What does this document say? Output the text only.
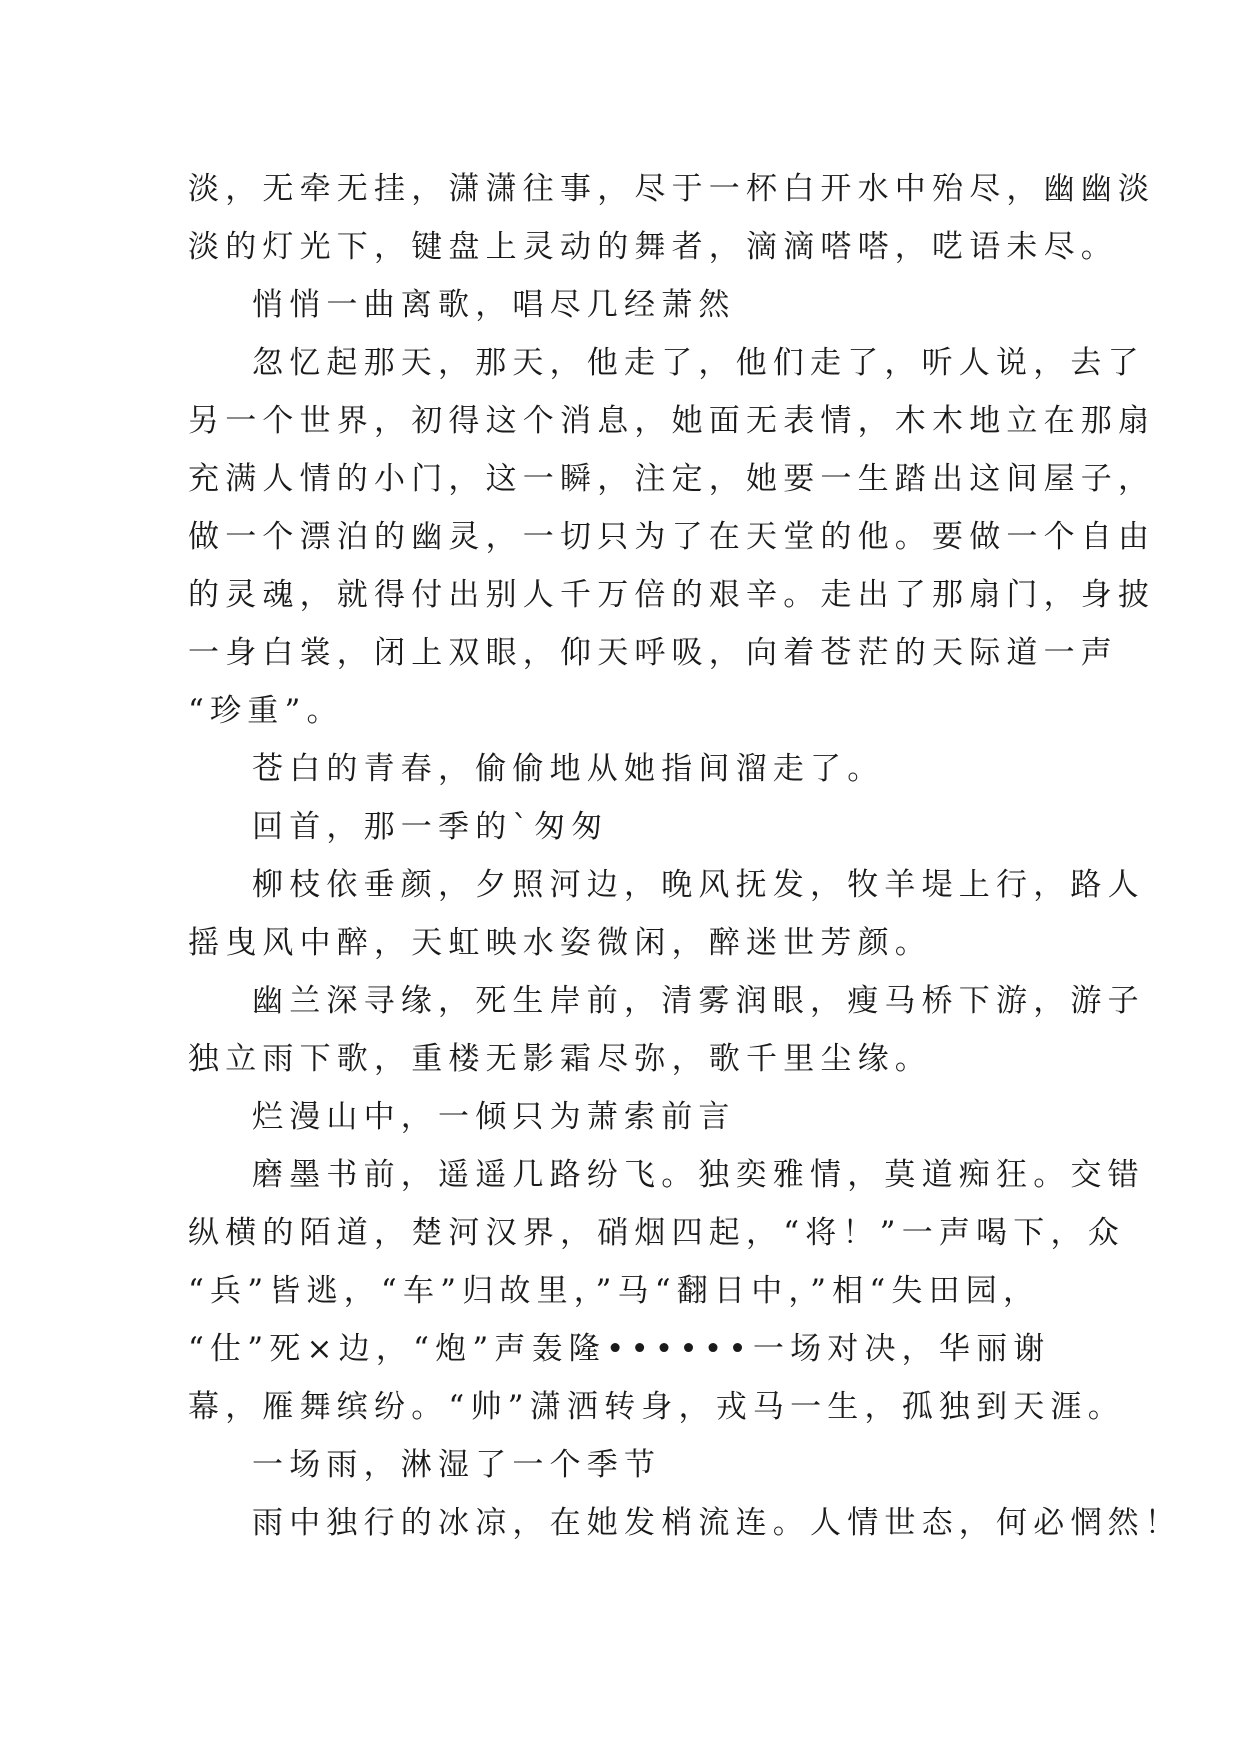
淡，无牵无挂，潇潇往事，尽于一杯白开水中殆尽，幽幽淡
淡的灯光下，键盘上灵动的舞者，滴滴嗒嗒，呓语未尽。
悄悄一曲离歌，唱尽几经萧然
忽忆起那天，那天，他走了，他们走了，听人说，去了
另一个世界，初得这个消息，她面无表情，木木地立在那扇
充满人情的小门，这一瞬，注定，她要一生踏出这间屋子，
做一个漂泊的幽灵，一切只为了在天堂的他。要做一个自由
的灵魂，就得付出别人千万倍的艰辛。走出了那扇门，身披
一身白裳，闭上双眼，仰天呼吸，向着苍茫的天际道一声
“珍重”。
苍白的青春，偷偷地从她指间溜走了。
回首，那一季的`匆匆
柳枝依垂颜，夕照河边，晚风抚发，牧羊堤上行，路人
摇曳风中醉，天虹映水姿微闲，醉迷世芳颜。
幽兰深寻缘，死生岸前，清雾润眼，瘦马桥下游，游子
独立雨下歌，重楼无影霜尽弥，歌千里尘缘。
烂漫山中，一倾只为萧索前言
磨墨书前，遥遥几路纷飞。独奕雅情，莫道痴狂。交错
纵横的陌道，楚河汉界，硝烟四起，“将！”一声喝下，众
“兵”皆逃，“车”归故里，”马“翻日中，”相“失田园，
“仕”死×边，“炮”声轰隆••••••一场对决，华丽谢
幕，雁舞缤纷。“帅”潇洒转身，戎马一生，孤独到天涯。
一场雨，淋湿了一个季节
雨中独行的冰凉，在她发梢流连。人情世态，何必惘然！
